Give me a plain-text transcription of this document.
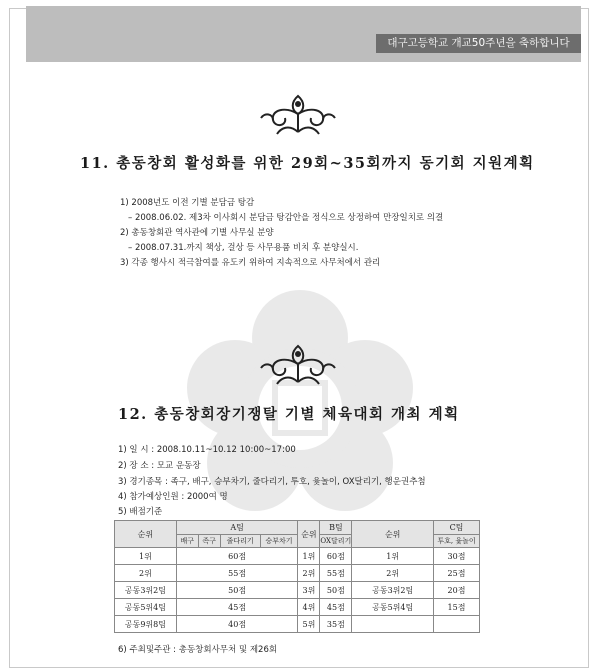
대구고등학교 개교50주년을 축하합니다
11. 총동창회 활성화를 위한 29회~35회까지 동기회 지원계획
1) 2008년도 이전 기별 분담금 탕감
– 2008.06.02. 제3차 이사회시 분담금 탕감안을 정식으로 상정하여 만장일치로 의결
2) 총동창회관 역사관에 기별 사무실 분양
– 2008.07.31.까지 책상, 걸상 등 사무용품 비치 후 분양실시.
3) 각종 행사시 적극참여를 유도키 위하여 지속적으로 사무처에서 관리
12. 총동창회장기쟁탈 기별 체육대회 개최 계획
1) 일 시 : 2008.10.11~10.12 10:00~17:00
2) 장 소 : 모교 운동장
3) 경기종목 : 족구, 배구, 승부차기, 줄다리기, 투호, 윷놀이, OX달리기, 행운권추첨
4) 참가예상인원 : 2000여 명
5) 배점기준
순위	A팀				순위	B팀	순위	C팀
	배구	족구	줄다리기	승부차기		OX달리기		투호, 윷놀이
1위	60점				1위	60점	1위	30점
2위	55점				2위	55점	2위	25점
공동3위2팀	50점				3위	50점	공동3위2팀	20점
공동5위4팀	45점				4위	45점	공동5위4팀	15점
공동9위8팀	40점				5위	35점		
6) 주최및주관 : 총동창회사무처 및 제26회
